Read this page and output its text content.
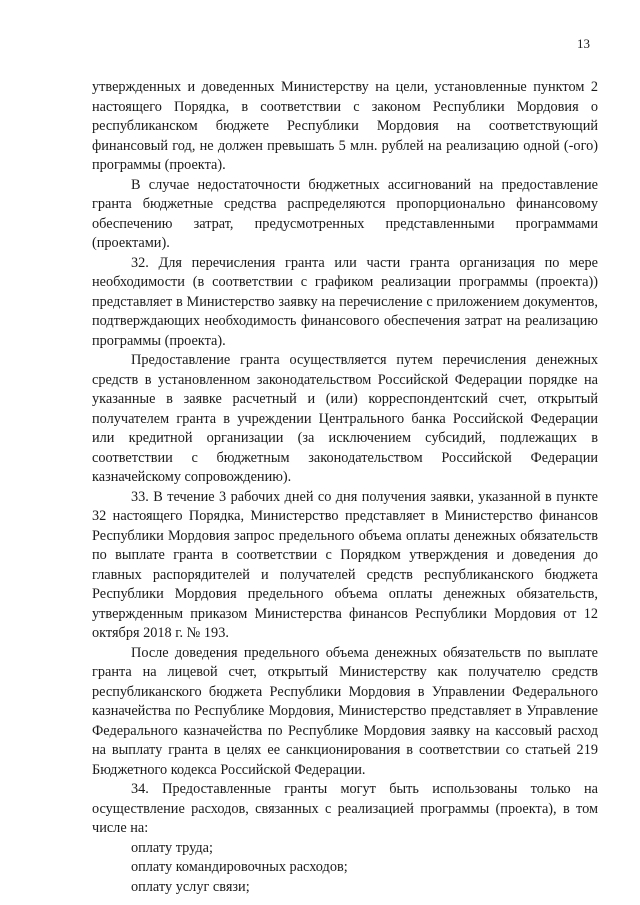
13

утвержденных и доведенных Министерству на цели, установленные пунктом 2 настоящего Порядка, в соответствии с законом Республики Мордовия о республиканском бюджете Республики Мордовия на соответствующий финансовый год, не должен превышать 5 млн. рублей на реализацию одной (-ого) программы (проекта).

В случае недостаточности бюджетных ассигнований на предоставление гранта бюджетные средства распределяются пропорционально финансовому обеспечению затрат, предусмотренных представленными программами (проектами).

32. Для перечисления гранта или части гранта организация по мере необходимости (в соответствии с графиком реализации программы (проекта)) представляет в Министерство заявку на перечисление с приложением документов, подтверждающих необходимость финансового обеспечения затрат на реализацию программы (проекта).

Предоставление гранта осуществляется путем перечисления денежных средств в установленном законодательством Российской Федерации порядке на указанные в заявке расчетный и (или) корреспондентский счет, открытый получателем гранта в учреждении Центрального банка Российской Федерации или кредитной организации (за исключением субсидий, подлежащих в соответствии с бюджетным законодательством Российской Федерации казначейскому сопровождению).

33. В течение 3 рабочих дней со дня получения заявки, указанной в пункте 32 настоящего Порядка, Министерство представляет в Министерство финансов Республики Мордовия запрос предельного объема оплаты денежных обязательств по выплате гранта в соответствии с Порядком утверждения и доведения до главных распорядителей и получателей средств республиканского бюджета Республики Мордовия предельного объема оплаты денежных обязательств, утвержденным приказом Министерства финансов Республики Мордовия от 12 октября 2018 г. № 193.

После доведения предельного объема денежных обязательств по выплате гранта на лицевой счет, открытый Министерству как получателю средств республиканского бюджета Республики Мордовия в Управлении Федерального казначейства по Республике Мордовия, Министерство представляет в Управление Федерального казначейства по Республике Мордовия заявку на кассовый расход на выплату гранта в целях ее санкционирования в соответствии со статьей 219 Бюджетного кодекса Российской Федерации.

34. Предоставленные гранты могут быть использованы только на осуществление расходов, связанных с реализацией программы (проекта), в том числе на:

оплату труда;

оплату командировочных расходов;

оплату услуг связи;
